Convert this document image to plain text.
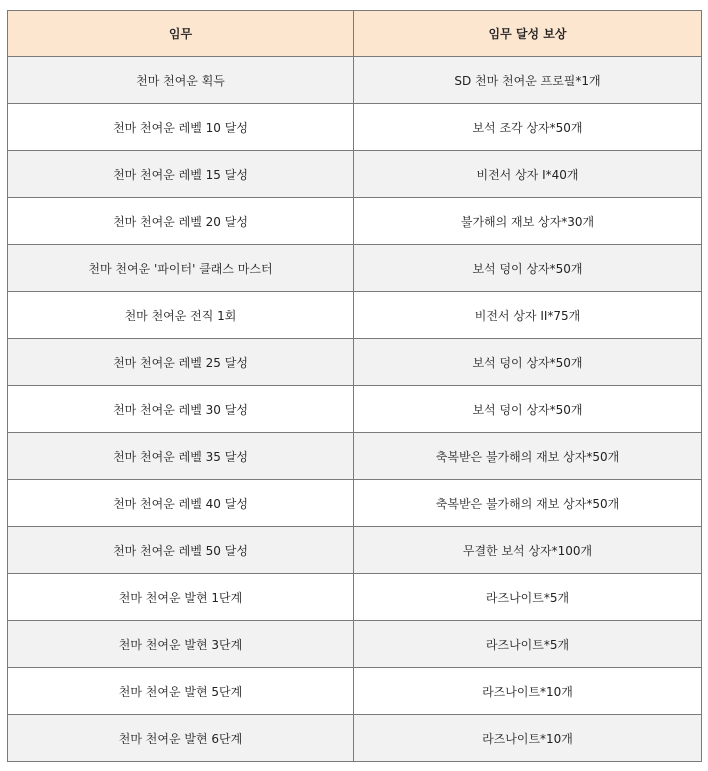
임무	임무 달성 보상
천마 천여운 획득	SD 천마 천여운 프로필*1개
천마 천여운 레벨 10 달성	보석 조각 상자*50개
천마 천여운 레벨 15 달성	비전서 상자 I*40개
천마 천여운 레벨 20 달성	불가해의 재보 상자*30개
천마 천여운 '파이터' 클래스 마스터	보석 덩이 상자*50개
천마 천여운 전직 1회	비전서 상자 II*75개
천마 천여운 레벨 25 달성	보석 덩이 상자*50개
천마 천여운 레벨 30 달성	보석 덩이 상자*50개
천마 천여운 레벨 35 달성	축복받은 불가해의 재보 상자*50개
천마 천여운 레벨 40 달성	축복받은 불가해의 재보 상자*50개
천마 천여운 레벨 50 달성	무결한 보석 상자*100개
천마 천여운 발현 1단계	라즈나이트*5개
천마 천여운 발현 3단계	라즈나이트*5개
천마 천여운 발현 5단계	라즈나이트*10개
천마 천여운 발현 6단계	라즈나이트*10개
